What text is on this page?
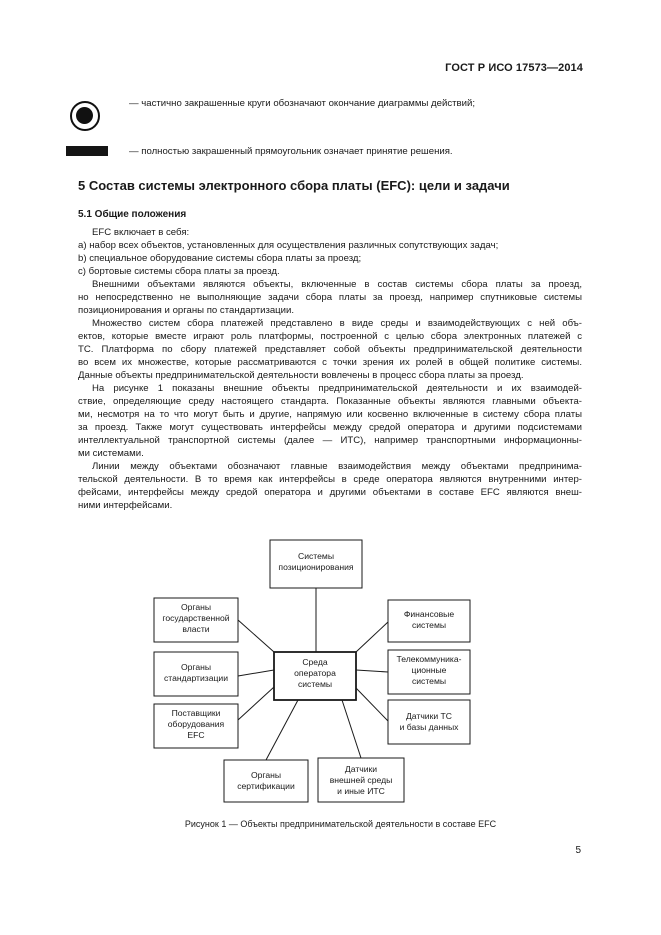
ГОСТ Р ИСО 17573—2014
— частично закрашенные круги обозначают окончание диаграммы действий;
— полностью закрашенный прямоугольник означает принятие решения.
5 Состав системы электронного сбора платы (EFC): цели и задачи
5.1 Общие положения
EFC включает в себя:
a) набор всех объектов, установленных для осуществления различных сопутствующих задач;
b) специальное оборудование системы сбора платы за проезд;
c) бортовые системы сбора платы за проезд.
Внешними объектами являются объекты, включенные в состав системы сбора платы за проезд,
но непосредственно не выполняющие задачи сбора платы за проезд, например спутниковые системы
позиционирования и органы по стандартизации.
Множество систем сбора платежей представлено в виде среды и взаимодействующих с ней объ-
ектов, которые вместе играют роль платформы, построенной с целью сбора электронных платежей с
ТС. Платформа по сбору платежей представляет собой объекты предпринимательской деятельности
во всем их множестве, которые рассматриваются с точки зрения их ролей в общей политике системы.
Данные объекты предпринимательской деятельности вовлечены в процесс сбора платы за проезд.
На рисунке 1 показаны внешние объекты предпринимательской деятельности и их взаимодей-
ствие, определяющие среду настоящего стандарта. Показанные объекты являются главными объекта-
ми, несмотря на то что могут быть и другие, напрямую или косвенно включенные в систему сбора платы
за проезд. Также могут существовать интерфейсы между средой оператора и другими подсистемами
интеллектуальной транспортной системы (далее — ИТС), например транспортными информационны-
ми системами.
Линии между объектами обозначают главные взаимодействия между объектами предпринима-
тельской деятельности. В то время как интерфейсы в среде оператора являются внутренними интер-
фейсами, интерфейсы между средой оператора и другими объектами в составе EFC являются внеш-
ними интерфейсами.
Среда
оператора
системы
Системы
позиционирования
Органы
государственной
власти
Органы
стандартизации
Поставщики
оборудования
EFC
Органы
сертификации
Датчики
внешней среды
и иные ИТС
Датчики ТС
и базы данных
Телекоммуника-
ционные
системы
Финансовые
системы
Рисунок 1 — Объекты предпринимательской деятельности в составе EFC
5
